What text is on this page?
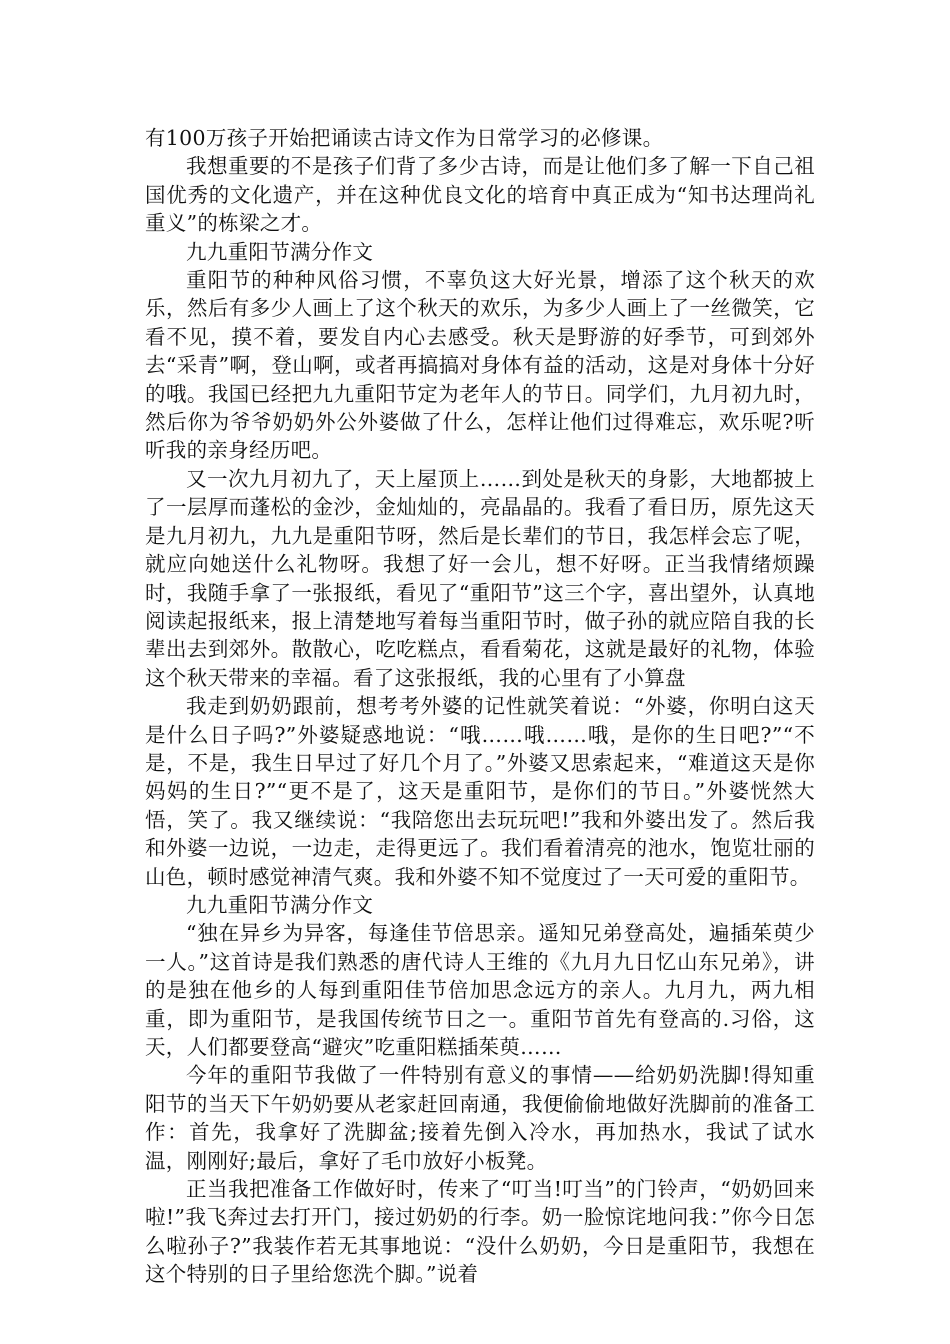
有100万孩子开始把诵读古诗文作为日常学习的必修课。

我想重要的不是孩子们背了多少古诗，而是让他们多了解一下自己祖国优秀的文化遗产，并在这种优良文化的培育中真正成为“知书达理尚礼重义”的栋梁之才。

九九重阳节满分作文

重阳节的种种风俗习惯，不辜负这大好光景，增添了这个秋天的欢乐，然后有多少人画上了这个秋天的欢乐，为多少人画上了一丝微笑，它看不见，摸不着，要发自内心去感受。秋天是野游的好季节，可到郊外去“采青”啊，登山啊，或者再搞搞对身体有益的活动，这是对身体十分好的哦。我国已经把九九重阳节定为老年人的节日。同学们，九月初九时，然后你为爷爷奶奶外公外婆做了什么，怎样让他们过得难忘，欢乐呢?听听我的亲身经历吧。

又一次九月初九了，天上屋顶上……到处是秋天的身影，大地都披上了一层厚而蓬松的金沙，金灿灿的，亮晶晶的。我看了看日历，原先这天是九月初九，九九是重阳节呀，然后是长辈们的节日，我怎样会忘了呢，就应向她送什么礼物呀。我想了好一会儿，想不好呀。正当我情绪烦躁时，我随手拿了一张报纸，看见了“重阳节”这三个字，喜出望外，认真地阅读起报纸来，报上清楚地写着每当重阳节时，做子孙的就应陪自我的长辈出去到郊外。散散心，吃吃糕点，看看菊花，这就是最好的礼物，体验这个秋天带来的幸福。看了这张报纸，我的心里有了小算盘

我走到奶奶跟前，想考考外婆的记性就笑着说：“外婆，你明白这天是什么日子吗?”外婆疑惑地说：“哦……哦……哦，是你的生日吧?”“不是，不是，我生日早过了好几个月了。”外婆又思索起来，“难道这天是你妈妈的生日?”“更不是了，这天是重阳节，是你们的节日。”外婆恍然大悟，笑了。我又继续说：“我陪您出去玩玩吧!”我和外婆出发了。然后我和外婆一边说，一边走，走得更远了。我们看着清亮的池水，饱览壮丽的山色，顿时感觉神清气爽。我和外婆不知不觉度过了一天可爱的重阳节。

九九重阳节满分作文

“独在异乡为异客，每逢佳节倍思亲。遥知兄弟登高处，遍插茱萸少一人。”这首诗是我们熟悉的唐代诗人王维的《九月九日忆山东兄弟》，讲的是独在他乡的人每到重阳佳节倍加思念远方的亲人。九月九，两九相重，即为重阳节，是我国传统节日之一。重阳节首先有登高的.习俗，这天，人们都要登高“避灾”吃重阳糕插茱萸……

今年的重阳节我做了一件特别有意义的事情——给奶奶洗脚!得知重阳节的当天下午奶奶要从老家赶回南通，我便偷偷地做好洗脚前的准备工作：首先，我拿好了洗脚盆;接着先倒入冷水，再加热水，我试了试水温，刚刚好;最后，拿好了毛巾放好小板凳。

正当我把准备工作做好时，传来了“叮当!叮当”的门铃声，“奶奶回来啦!”我飞奔过去打开门，接过奶奶的行李。奶一脸惊诧地问我：”你今日怎么啦孙子?”我装作若无其事地说：“没什么奶奶，今日是重阳节，我想在这个特别的日子里给您洗个脚。”说着
